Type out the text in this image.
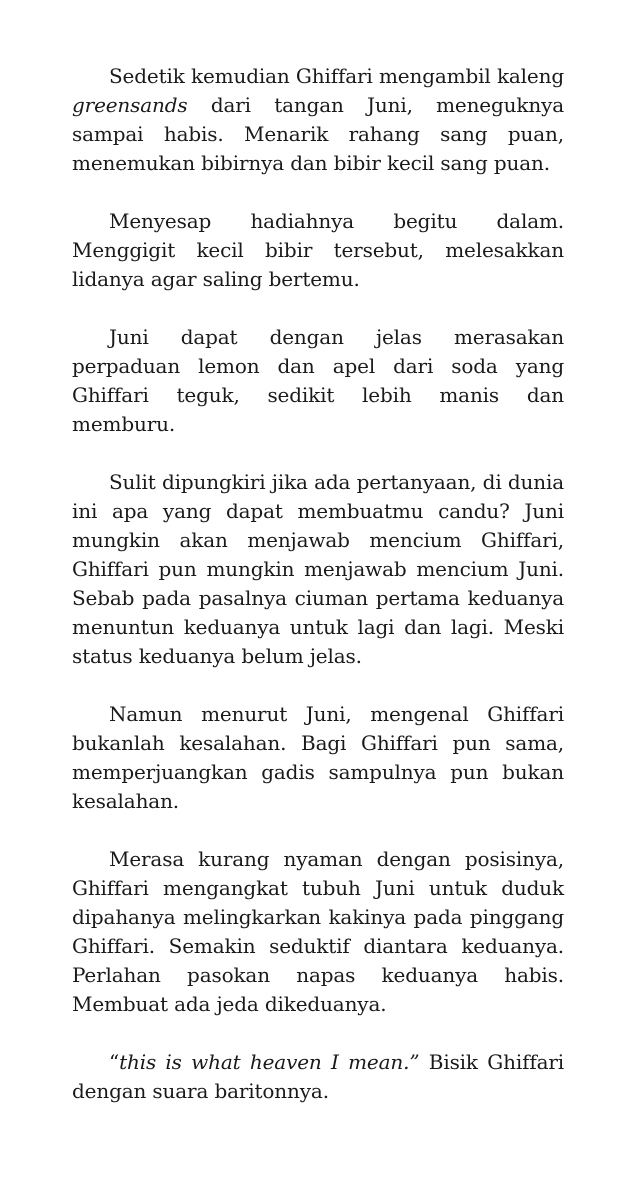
Sedetik kemudian Ghiffari mengambil kaleng greensands dari tangan Juni, meneguknya sampai habis. Menarik rahang sang puan, menemukan bibirnya dan bibir kecil sang puan.

Menyesap hadiahnya begitu dalam. Menggigit kecil bibir tersebut, melesakkan lidanya agar saling bertemu.

Juni dapat dengan jelas merasakan perpaduan lemon dan apel dari soda yang Ghiffari teguk, sedikit lebih manis dan memburu.

Sulit dipungkiri jika ada pertanyaan, di dunia ini apa yang dapat membuatmu candu? Juni mungkin akan menjawab mencium Ghiffari, Ghiffari pun mungkin menjawab mencium Juni. Sebab pada pasalnya ciuman pertama keduanya menuntun keduanya untuk lagi dan lagi. Meski status keduanya belum jelas.

Namun menurut Juni, mengenal Ghiffari bukanlah kesalahan. Bagi Ghiffari pun sama, memperjuangkan gadis sampulnya pun bukan kesalahan.

Merasa kurang nyaman dengan posisinya, Ghiffari mengangkat tubuh Juni untuk duduk dipahanya melingkarkan kakinya pada pinggang Ghiffari. Semakin seduktif diantara keduanya. Perlahan pasokan napas keduanya habis. Membuat ada jeda dikeduanya.

“this is what heaven I mean.” Bisik Ghiffari dengan suara baritonnya.
